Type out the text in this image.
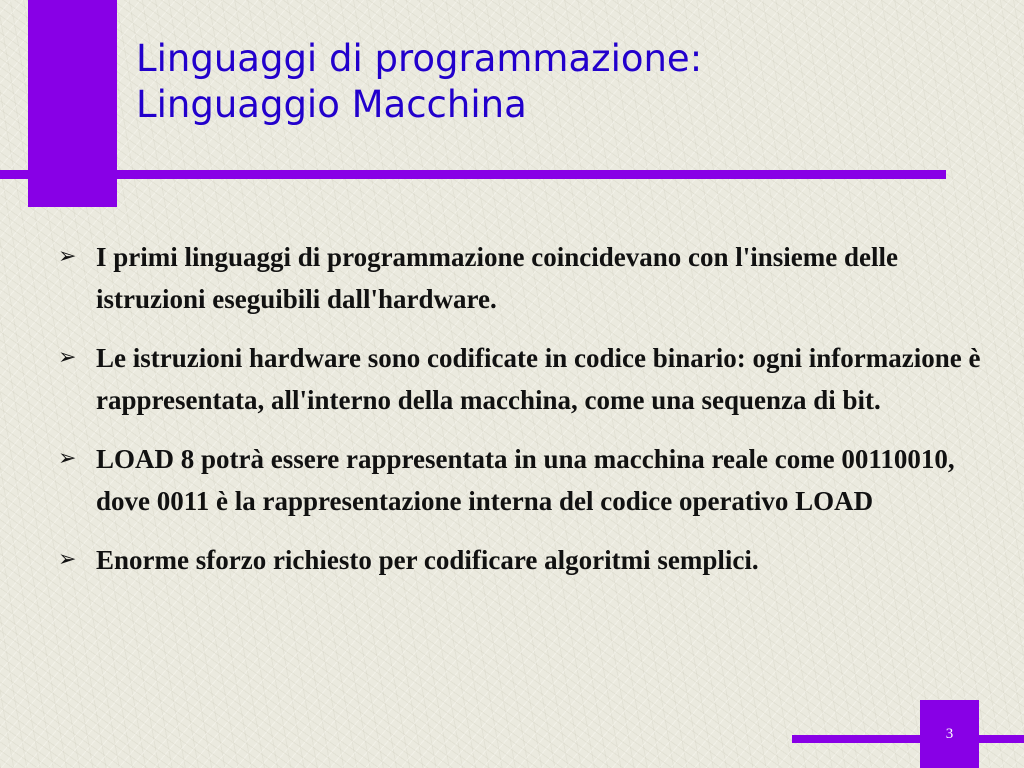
Linguaggi di programmazione:
Linguaggio Macchina
➢ I primi linguaggi di programmazione coincidevano con l'insieme delle istruzioni eseguibili dall'hardware.
➢ Le istruzioni hardware sono codificate in codice binario: ogni informazione è rappresentata, all'interno della macchina, come una sequenza di bit.
➢ LOAD 8 potrà essere rappresentata in una macchina reale come 00110010, dove 0011 è la rappresentazione interna del codice operativo LOAD
➢ Enorme sforzo richiesto per codificare algoritmi semplici.
3
